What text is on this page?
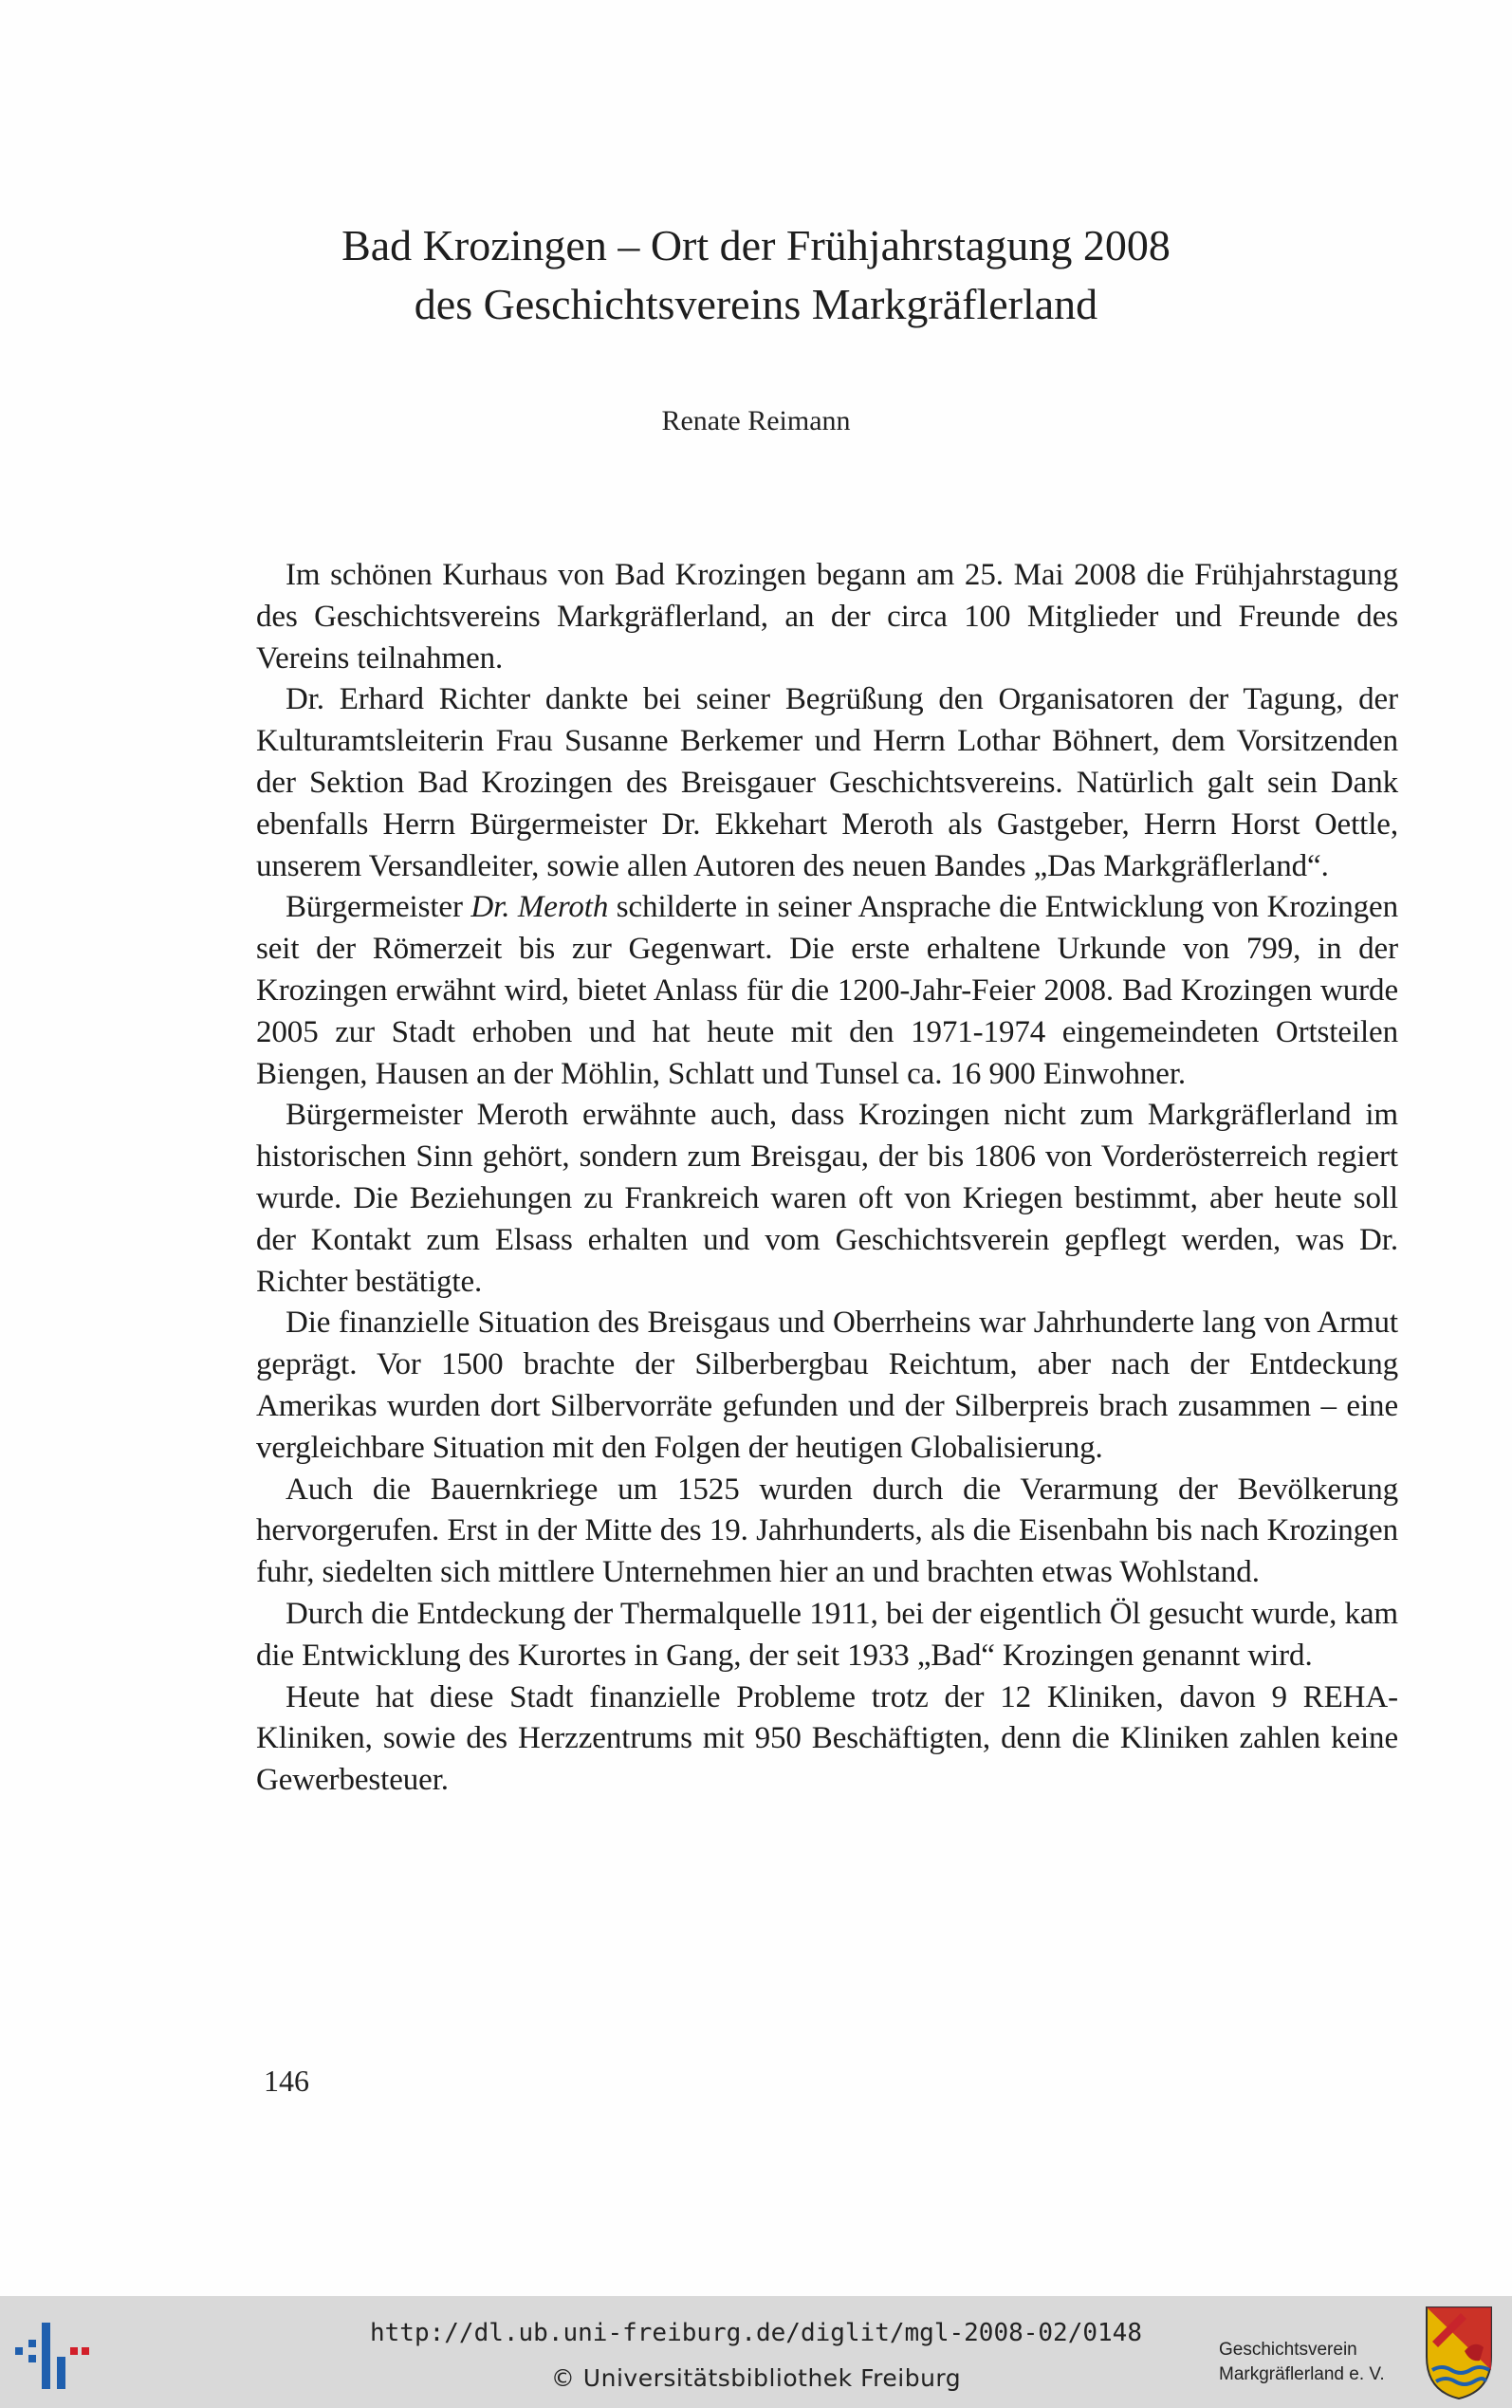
Bad Krozingen – Ort der Frühjahrstagung 2008
des Geschichtsvereins Markgräflerland
Renate Reimann

Im schönen Kurhaus von Bad Krozingen begann am 25. Mai 2008 die Frühjahrstagung des Geschichtsvereins Markgräflerland, an der circa 100 Mitglieder und Freunde des Vereins teilnahmen.

Dr. Erhard Richter dankte bei seiner Begrüßung den Organisatoren der Tagung, der Kulturamtsleiterin Frau Susanne Berkemer und Herrn Lothar Böhnert, dem Vorsitzenden der Sektion Bad Krozingen des Breisgauer Geschichtsvereins. Natürlich galt sein Dank ebenfalls Herrn Bürgermeister Dr. Ekkehart Meroth als Gastgeber, Herrn Horst Oettle, unserem Versandleiter, sowie allen Autoren des neuen Bandes „Das Markgräflerland“.

Bürgermeister Dr. Meroth schilderte in seiner Ansprache die Entwicklung von Krozingen seit der Römerzeit bis zur Gegenwart. Die erste erhaltene Urkunde von 799, in der Krozingen erwähnt wird, bietet Anlass für die 1200-Jahr-Feier 2008. Bad Krozingen wurde 2005 zur Stadt erhoben und hat heute mit den 1971-1974 eingemeindeten Ortsteilen Biengen, Hausen an der Möhlin, Schlatt und Tunsel ca. 16 900 Einwohner.

Bürgermeister Meroth erwähnte auch, dass Krozingen nicht zum Markgräflerland im historischen Sinn gehört, sondern zum Breisgau, der bis 1806 von Vorderösterreich regiert wurde. Die Beziehungen zu Frankreich waren oft von Kriegen bestimmt, aber heute soll der Kontakt zum Elsass erhalten und vom Geschichtsverein gepflegt werden, was Dr. Richter bestätigte.

Die finanzielle Situation des Breisgaus und Oberrheins war Jahrhunderte lang von Armut geprägt. Vor 1500 brachte der Silberbergbau Reichtum, aber nach der Entdeckung Amerikas wurden dort Silbervorräte gefunden und der Silberpreis brach zusammen – eine vergleichbare Situation mit den Folgen der heutigen Globalisierung.

Auch die Bauernkriege um 1525 wurden durch die Verarmung der Bevölkerung hervorgerufen. Erst in der Mitte des 19. Jahrhunderts, als die Eisenbahn bis nach Krozingen fuhr, siedelten sich mittlere Unternehmen hier an und brachten etwas Wohlstand.

Durch die Entdeckung der Thermalquelle 1911, bei der eigentlich Öl gesucht wurde, kam die Entwicklung des Kurortes in Gang, der seit 1933 „Bad“ Krozingen genannt wird.

Heute hat diese Stadt finanzielle Probleme trotz der 12 Kliniken, davon 9 REHA-Kliniken, sowie des Herzzentrums mit 950 Beschäftigten, denn die Kliniken zahlen keine Gewerbesteuer.

146
http://dl.ub.uni-freiburg.de/diglit/mgl-2008-02/0148
© Universitätsbibliothek Freiburg
Geschichtsverein
Markgräflerland e. V.
